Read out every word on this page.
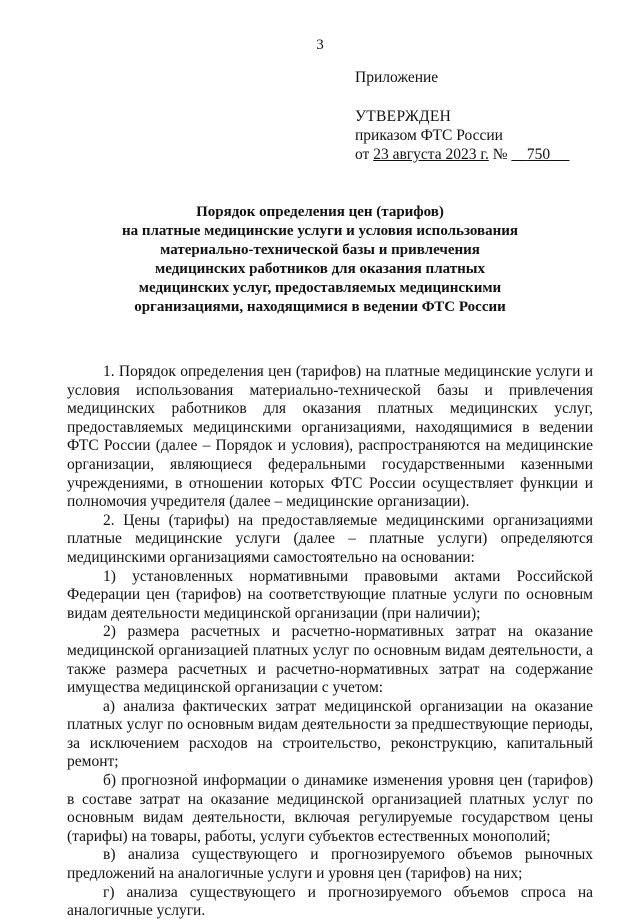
3

Приложение

УТВЕРЖДЕН

приказом ФТС России

от 23 августа 2023 г. № 750

Порядок определения цен (тарифов)
на платные медицинские услуги и условия использования
материально-технической базы и привлечения
медицинских работников для оказания платных
медицинских услуг, предоставляемых медицинскими
организациями, находящимися в ведении ФТС России

1. Порядок определения цен (тарифов) на платные медицинские услуги и условия использования материально-технической базы и привлечения медицинских работников для оказания платных медицинских услуг, предоставляемых медицинскими организациями, находящимися в ведении ФТС России (далее – Порядок и условия), распространяются на медицинские организации, являющиеся федеральными государственными казенными учреждениями, в отношении которых ФТС России осуществляет функции и полномочия учредителя (далее – медицинские организации).

2. Цены (тарифы) на предоставляемые медицинскими организациями платные медицинские услуги (далее – платные услуги) определяются медицинскими организациями самостоятельно на основании:

1) установленных нормативными правовыми актами Российской Федерации цен (тарифов) на соответствующие платные услуги по основным видам деятельности медицинской организации (при наличии);

2) размера расчетных и расчетно-нормативных затрат на оказание медицинской организацией платных услуг по основным видам деятельности, а также размера расчетных и расчетно-нормативных затрат на содержание имущества медицинской организации с учетом:

а) анализа фактических затрат медицинской организации на оказание платных услуг по основным видам деятельности за предшествующие периоды, за исключением расходов на строительство, реконструкцию, капитальный ремонт;

б) прогнозной информации о динамике изменения уровня цен (тарифов) в составе затрат на оказание медицинской организацией платных услуг по основным видам деятельности, включая регулируемые государством цены (тарифы) на товары, работы, услуги субъектов естественных монополий;

в) анализа существующего и прогнозируемого объемов рыночных предложений на аналогичные услуги и уровня цен (тарифов) на них;

г) анализа существующего и прогнозируемого объемов спроса на аналогичные услуги.
